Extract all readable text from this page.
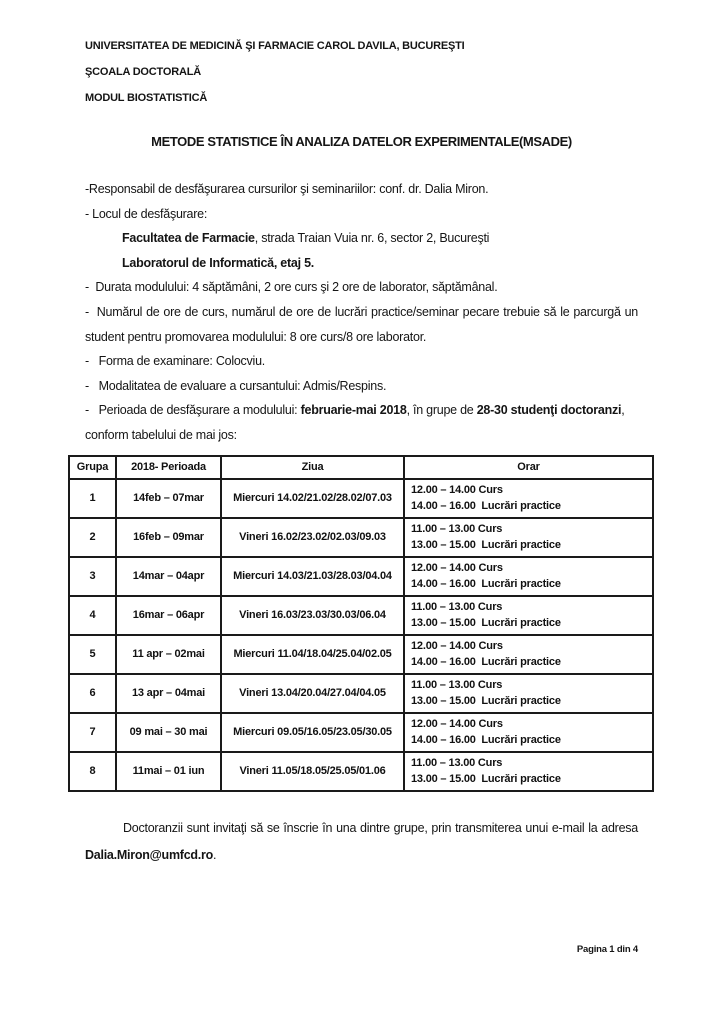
UNIVERSITATEA DE MEDICINĂ ŞI FARMACIE CAROL DAVILA, BUCUREŞTI
ŞCOALA DOCTORALĂ
MODUL BIOSTATISTICĂ
METODE STATISTICE ÎN ANALIZA DATELOR EXPERIMENTALE(MSADE)
-Responsabil de desfăşurarea cursurilor şi seminariilor: conf. dr. Dalia Miron.
- Locul de desfăşurare:
Facultatea de Farmacie, strada Traian Vuia nr. 6, sector 2, Bucureşti
Laboratorul de Informatică, etaj 5.
-  Durata modulului: 4 săptămâni, 2 ore curs şi 2 ore de laborator, săptămânal.
-  Numărul de ore de curs, numărul de ore de lucrări practice/seminar pecare trebuie să le parcurgă un student pentru promovarea modulului: 8 ore curs/8 ore laborator.
-   Forma de examinare: Colocviu.
-   Modalitatea de evaluare a cursantului: Admis/Respins.
-   Perioada de desfăşurare a modulului: februarie-mai 2018, în grupe de 28-30 studenţi doctoranzi,
conform tabelului de mai jos:
Grupa	2018- Perioada	Ziua	Orar
1	14feb – 07mar	Miercuri 14.02/21.02/28.02/07.03	12.00 – 14.00 Curs
14.00 – 16.00  Lucrări practice

2	16feb – 09mar	Vineri 16.02/23.02/02.03/09.03	11.00 – 13.00 Curs
13.00 – 15.00  Lucrări practice

3	14mar – 04apr	Miercuri 14.03/21.03/28.03/04.04	12.00 – 14.00 Curs
14.00 – 16.00  Lucrări practice

4	16mar – 06apr	Vineri 16.03/23.03/30.03/06.04	11.00 – 13.00 Curs
13.00 – 15.00  Lucrări practice

5	11 apr – 02mai	Miercuri 11.04/18.04/25.04/02.05	12.00 – 14.00 Curs
14.00 – 16.00  Lucrări practice

6	13 apr – 04mai	Vineri 13.04/20.04/27.04/04.05	11.00 – 13.00 Curs
13.00 – 15.00  Lucrări practice

7	09 mai – 30 mai	Miercuri 09.05/16.05/23.05/30.05	12.00 – 14.00 Curs
14.00 – 16.00  Lucrări practice

8	11mai – 01 iun	Vineri 11.05/18.05/25.05/01.06	11.00 – 13.00 Curs
13.00 – 15.00  Lucrări practice
Doctoranzii sunt invitaţi să se înscrie în una dintre grupe, prin transmiterea unui e-mail la adresa Dalia.Miron@umfcd.ro.
Pagina 1 din 4
